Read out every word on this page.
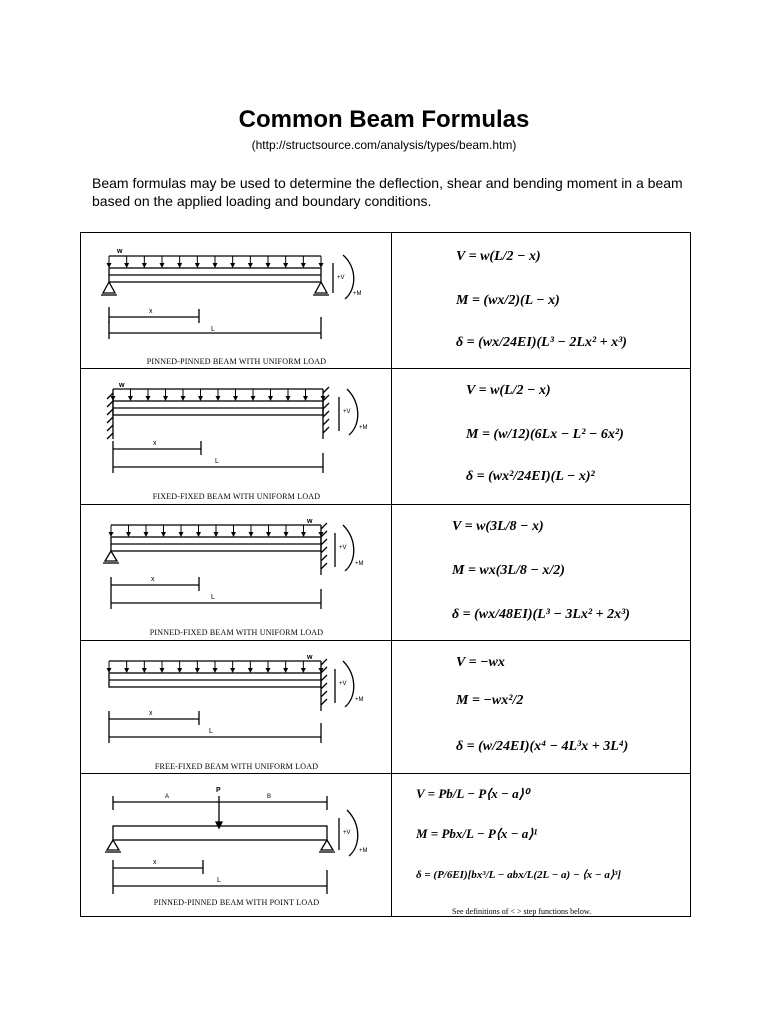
Common Beam Formulas
(http://structsource.com/analysis/types/beam.htm)
Beam formulas may be used to determine the deflection, shear and bending moment in a beam based on the applied loading and boundary conditions.
w
+V
+M
x
L
PINNED-PINNED BEAM WITH UNIFORM LOAD
V = w(L/2 − x)
M = (wx/2)(L − x)
δ = (wx/24EI)(L³ − 2Lx² + x³)
w
+V
+M
x
L
FIXED-FIXED BEAM WITH UNIFORM LOAD
V = w(L/2 − x)
M = (w/12)(6Lx − L² − 6x²)
δ = (wx²/24EI)(L − x)²
w
+V
+M
x
L
PINNED-FIXED BEAM WITH UNIFORM LOAD
V = w(3L/8 − x)
M = wx(3L/8 − x/2)
δ = (wx/48EI)(L³ − 3Lx² + 2x³)
w
+V
+M
x
L
FREE-FIXED BEAM WITH UNIFORM LOAD
V = −wx
M = −wx²/2
δ = (w/24EI)(x⁴ − 4L³x + 3L⁴)
P
A	B
+V
+M
x
L
PINNED-PINNED BEAM WITH POINT LOAD
V = Pb/L − P⟨x − a⟩⁰
M = Pbx/L − P⟨x − a⟩¹
δ = (P/6EI)[bx³/L − abx/L(2L − a) − ⟨x − a⟩³]
See definitions of < > step functions below.
